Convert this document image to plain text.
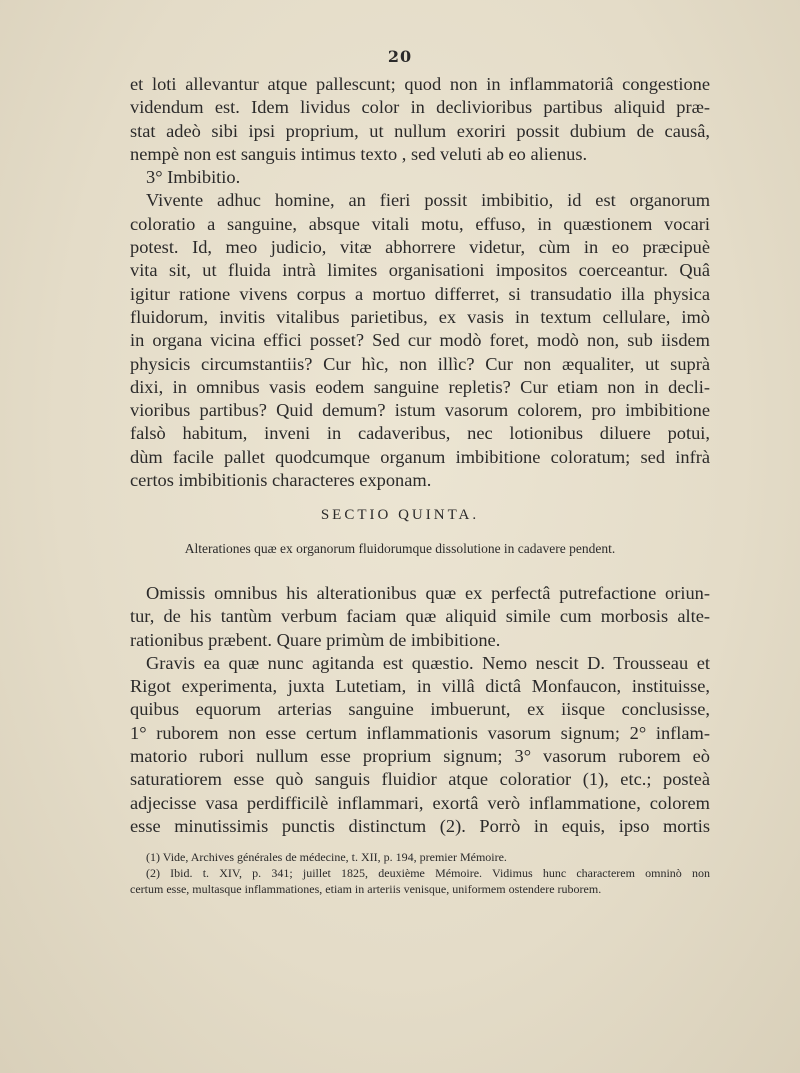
20
et loti allevantur atque pallescunt; quod non in inflammatoriâ congestione
videndum est. Idem lividus color in declivioribus partibus aliquid præ-
stat adeò sibi ipsi proprium, ut nullum exoriri possit dubium de causâ,
nempè non est sanguis intimus texto , sed veluti ab eo alienus.
3° Imbibitio.
Vivente adhuc homine, an fieri possit imbibitio, id est organorum
coloratio a sanguine, absque vitali motu, effuso, in quæstionem vocari
potest. Id, meo judicio, vitæ abhorrere videtur, cùm in eo præcipuè
vita sit, ut fluida intrà limites organisationi impositos coerceantur. Quâ
igitur ratione vivens corpus a mortuo differret, si transudatio illa physica
fluidorum, invitis vitalibus parietibus, ex vasis in textum cellulare, imò
in organa vicina effici posset? Sed cur modò foret, modò non, sub iisdem
physicis circumstantiis? Cur hìc, non illìc? Cur non æqualiter, ut suprà
dixi, in omnibus vasis eodem sanguine repletis? Cur etiam non in decli-
vioribus partibus? Quid demum? istum vasorum colorem, pro imbibitione
falsò habitum, inveni in cadaveribus, nec lotionibus diluere potui,
dùm facile pallet quodcumque organum imbibitione coloratum; sed infrà
certos imbibitionis characteres exponam.
SECTIO QUINTA.
Alterationes quæ ex organorum fluidorumque dissolutione in cadavere pendent.
Omissis omnibus his alterationibus quæ ex perfectâ putrefactione oriun-
tur, de his tantùm verbum faciam quæ aliquid simile cum morbosis alte-
rationibus præbent. Quare primùm de imbibitione.
Gravis ea quæ nunc agitanda est quæstio. Nemo nescit D. Trousseau et
Rigot experimenta, juxta Lutetiam, in villâ dictâ Monfaucon, instituisse,
quibus equorum arterias sanguine imbuerunt, ex iisque conclusisse,
1° ruborem non esse certum inflammationis vasorum signum; 2° inflam-
matorio rubori nullum esse proprium signum; 3° vasorum ruborem eò
saturatiorem esse quò sanguis fluidior atque coloratior (1), etc.; posteà
adjecisse vasa perdifficilè inflammari, exortâ verò inflammatione, colorem
esse minutissimis punctis distinctum (2). Porrò in equis, ipso mortis
(1) Vide, Archives générales de médecine, t. XII, p. 194, premier Mémoire.
(2) Ibid. t. XIV, p. 341; juillet 1825, deuxième Mémoire. Vidimus hunc characterem omninò non
certum esse, multasque inflammationes, etiam in arteriis venisque, uniformem ostendere ruborem.
